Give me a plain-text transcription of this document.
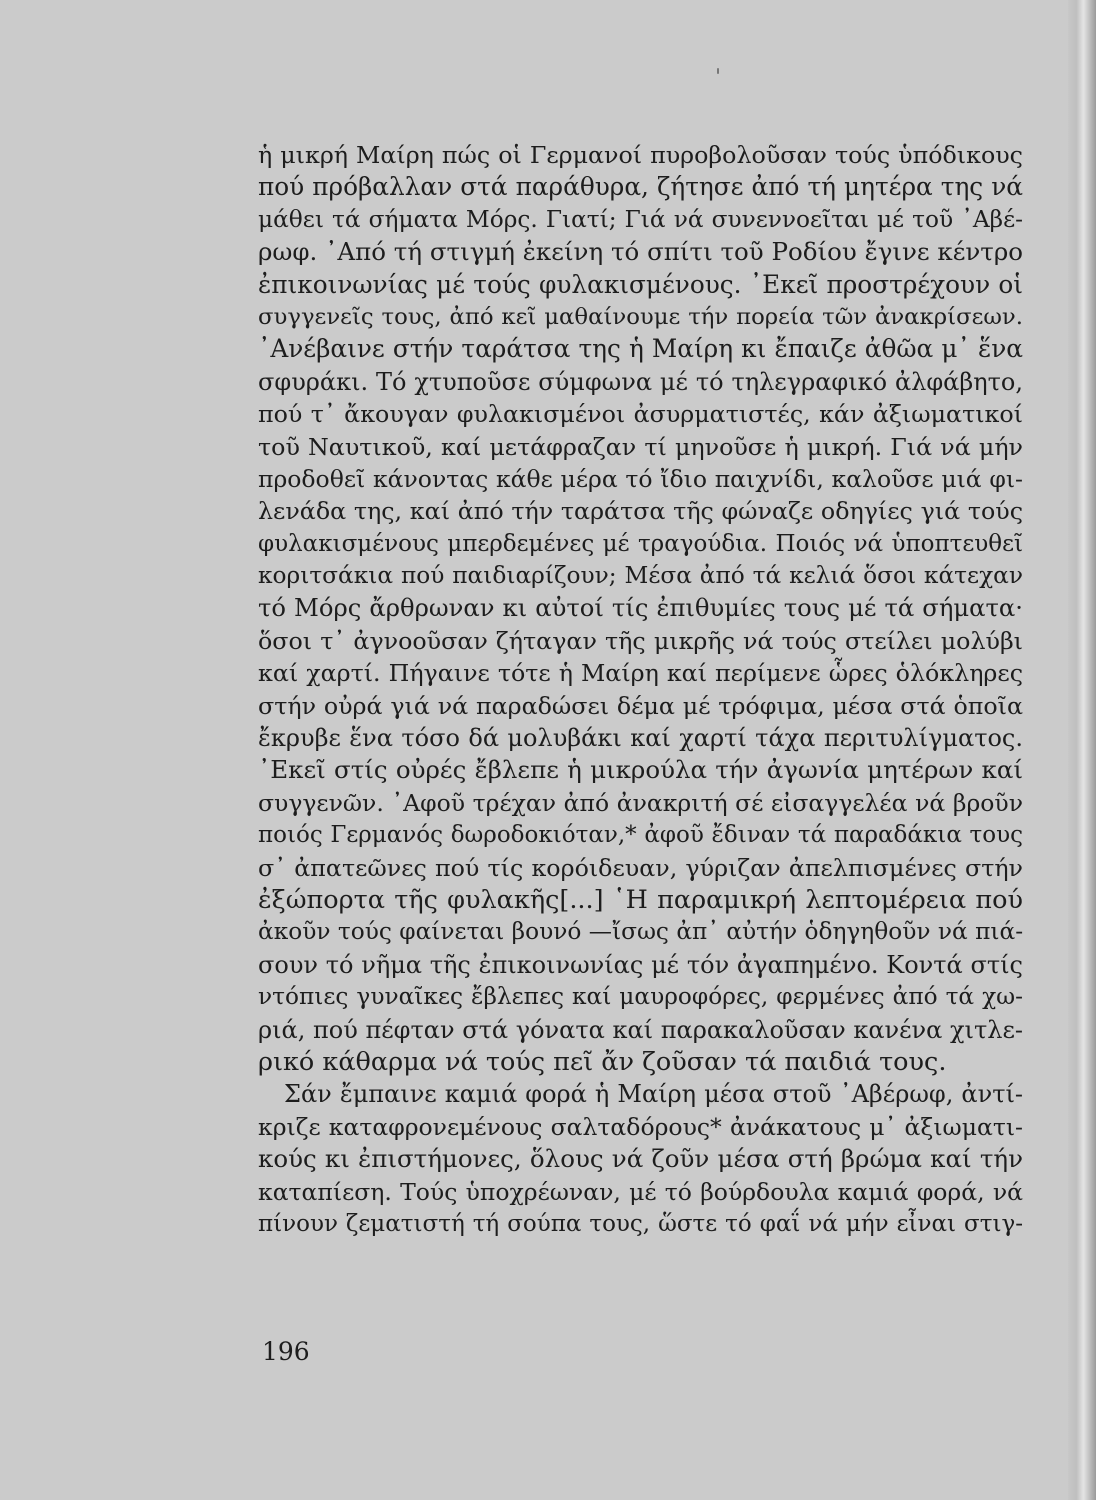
ἡ μικρή Μαίρη πώς οἱ Γερμανοί πυροβολοῦσαν τούς ὑπόδικους
πού πρόβαλλαν στά παράθυρα, ζήτησε ἀπό τή μητέρα της νά
μάθει τά σήματα Μόρς. Γιατί; Γιά νά συνεννοεῖται μέ τοῦ ᾿Αβέ-
ρωφ. ᾿Από τή στιγμή ἐκείνη τό σπίτι τοῦ Ροδίου ἔγινε κέντρο
ἐπικοινωνίας μέ τούς φυλακισμένους. ᾿Εκεῖ προστρέχουν οἱ
συγγενεῖς τους, ἀπό κεῖ μαθαίνουμε τήν πορεία τῶν ἀνακρίσεων.
᾿Ανέβαινε στήν ταράτσα της ἡ Μαίρη κι ἔπαιζε ἀθῶα μ᾿ ἕνα
σφυράκι. Τό χτυποῦσε σύμφωνα μέ τό τηλεγραφικό ἀλφάβητο,
πού τ᾿ ἄκουγαν φυλακισμένοι ἀσυρματιστές, κάν ἀξιωματικοί
τοῦ Ναυτικοῦ, καί μετάφραζαν τί μηνοῦσε ἡ μικρή. Γιά νά μήν
προδοθεῖ κάνοντας κάθε μέρα τό ἴδιο παιχνίδι, καλοῦσε μιά φι-
λενάδα της, καί ἀπό τήν ταράτσα τῆς φώναζε οδηγίες γιά τούς
φυλακισμένους μπερδεμένες μέ τραγούδια. Ποιός νά ὑποπτευθεῖ
κοριτσάκια πού παιδιαρίζουν; Μέσα ἀπό τά κελιά ὅσοι κάτεχαν
τό Μόρς ἄρθρωναν κι αὐτοί τίς ἐπιθυμίες τους μέ τά σήματα·
ὅσοι τ᾿ ἀγνοοῦσαν ζήταγαν τῆς μικρῆς νά τούς στείλει μολύβι
καί χαρτί. Πήγαινε τότε ἡ Μαίρη καί περίμενε ὧρες ὁλόκληρες
στήν οὐρά γιά νά παραδώσει δέμα μέ τρόφιμα, μέσα στά ὁποῖα
ἔκρυβε ἕνα τόσο δά μολυβάκι καί χαρτί τάχα περιτυλίγματος.
᾿Εκεῖ στίς οὐρές ἔβλεπε ἡ μικρούλα τήν ἀγωνία μητέρων καί
συγγενῶν. ᾿Αφοῦ τρέχαν ἀπό ἀνακριτή σέ εἰσαγγελέα νά βροῦν
ποιός Γερμανός δωροδοκιόταν,* ἀφοῦ ἔδιναν τά παραδάκια τους
σ᾿ ἀπατεῶνες πού τίς κορόιδευαν, γύριζαν ἀπελπισμένες στήν
ἐξώπορτα τῆς φυλακῆς[...] ῾Η παραμικρή λεπτομέρεια πού
ἀκοῦν τούς φαίνεται βουνό —ἴσως ἀπ᾿ αὐτήν ὁδηγηθοῦν νά πιά-
σουν τό νῆμα τῆς ἐπικοινωνίας μέ τόν ἀγαπημένο. Κοντά στίς
ντόπιες γυναῖκες ἔβλεπες καί μαυροφόρες, φερμένες ἀπό τά χω-
ριά, πού πέφταν στά γόνατα καί παρακαλοῦσαν κανένα χιτλε-
ρικό κάθαρμα νά τούς πεῖ ἄν ζοῦσαν τά παιδιά τους.
Σάν ἔμπαινε καμιά φορά ἡ Μαίρη μέσα στοῦ ᾿Αβέρωφ, ἀντί-
κριζε καταφρονεμένους σαλταδόρους* ἀνάκατους μ᾿ ἀξιωματι-
κούς κι ἐπιστήμονες, ὅλους νά ζοῦν μέσα στή βρώμα καί τήν
καταπίεση. Τούς ὑποχρέωναν, μέ τό βούρδουλα καμιά φορά, νά
πίνουν ζεματιστή τή σούπα τους, ὥστε τό φαΐ νά μήν εἶναι στιγ-
196
